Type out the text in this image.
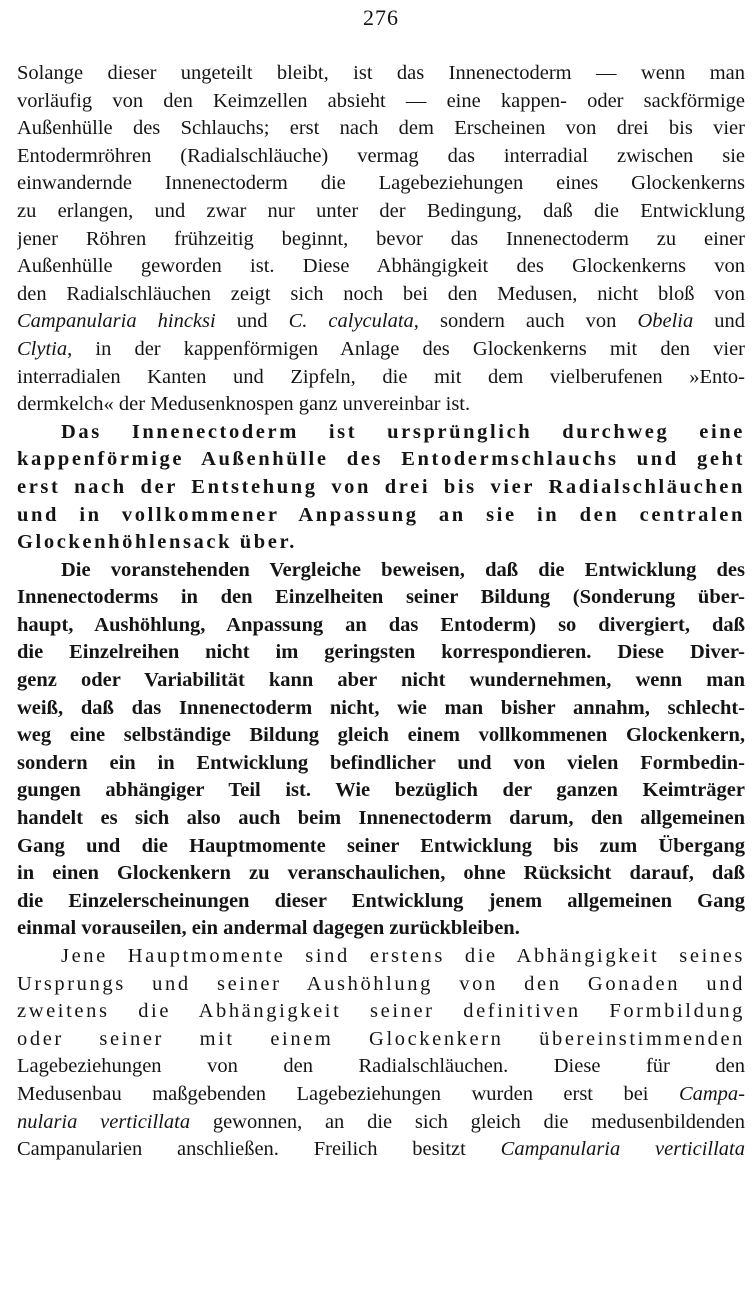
276
Solange dieser ungeteilt bleibt, ist das Innenectoderm — wenn man
vorläufig von den Keimzellen absieht — eine kappen- oder sackförmige
Außenhülle des Schlauchs; erst nach dem Erscheinen von drei bis vier
Entodermröhren (Radialschläuche) vermag das interradial zwischen sie
einwandernde Innenectoderm die Lagebeziehungen eines Glockenkerns
zu erlangen, und zwar nur unter der Bedingung, daß die Entwicklung
jener Röhren frühzeitig beginnt, bevor das Innenectoderm zu einer
Außenhülle geworden ist. Diese Abhängigkeit des Glockenkerns von
den Radialschläuchen zeigt sich noch bei den Medusen, nicht bloß von
Campanularia hincksi und C. calyculata, sondern auch von Obelia und
Clytia, in der kappenförmigen Anlage des Glockenkerns mit den vier
interradialen Kanten und Zipfeln, die mit dem vielberufenen »Ento-
dermkelch« der Medusenknospen ganz unvereinbar ist.
Das Innenectoderm ist ursprünglich durchweg eine
kappenförmige Außenhülle des Entodermschlauchs und geht
erst nach der Entstehung von drei bis vier Radialschläuchen
und in vollkommener Anpassung an sie in den centralen
Glockenhöhlensack über.
Die voranstehenden Vergleiche beweisen, daß die Entwicklung des
Innenectoderms in den Einzelheiten seiner Bildung (Sonderung über-
haupt, Aushöhlung, Anpassung an das Entoderm) so divergiert, daß
die Einzelreihen nicht im geringsten korrespondieren. Diese Diver-
genz oder Variabilität kann aber nicht wundernehmen, wenn man
weiß, daß das Innenectoderm nicht, wie man bisher annahm, schlecht-
weg eine selbständige Bildung gleich einem vollkommenen Glockenkern,
sondern ein in Entwicklung befindlicher und von vielen Formbedin-
gungen abhängiger Teil ist. Wie bezüglich der ganzen Keimträger
handelt es sich also auch beim Innenectoderm darum, den allgemeinen
Gang und die Hauptmomente seiner Entwicklung bis zum Übergang
in einen Glockenkern zu veranschaulichen, ohne Rücksicht darauf, daß
die Einzelerscheinungen dieser Entwicklung jenem allgemeinen Gang
einmal vorauseilen, ein andermal dagegen zurückbleiben.
Jene Hauptmomente sind erstens die Abhängigkeit seines
Ursprungs und seiner Aushöhlung von den Gonaden und
zweitens die Abhängigkeit seiner definitiven Formbildung
oder seiner mit einem Glockenkern übereinstimmenden
Lagebeziehungen von den Radialschläuchen. Diese für den
Medusenbau maßgebenden Lagebeziehungen wurden erst bei Campa-
nularia verticillata gewonnen, an die sich gleich die medusenbildenden
Campanularien anschließen. Freilich besitzt Campanularia verticillata
